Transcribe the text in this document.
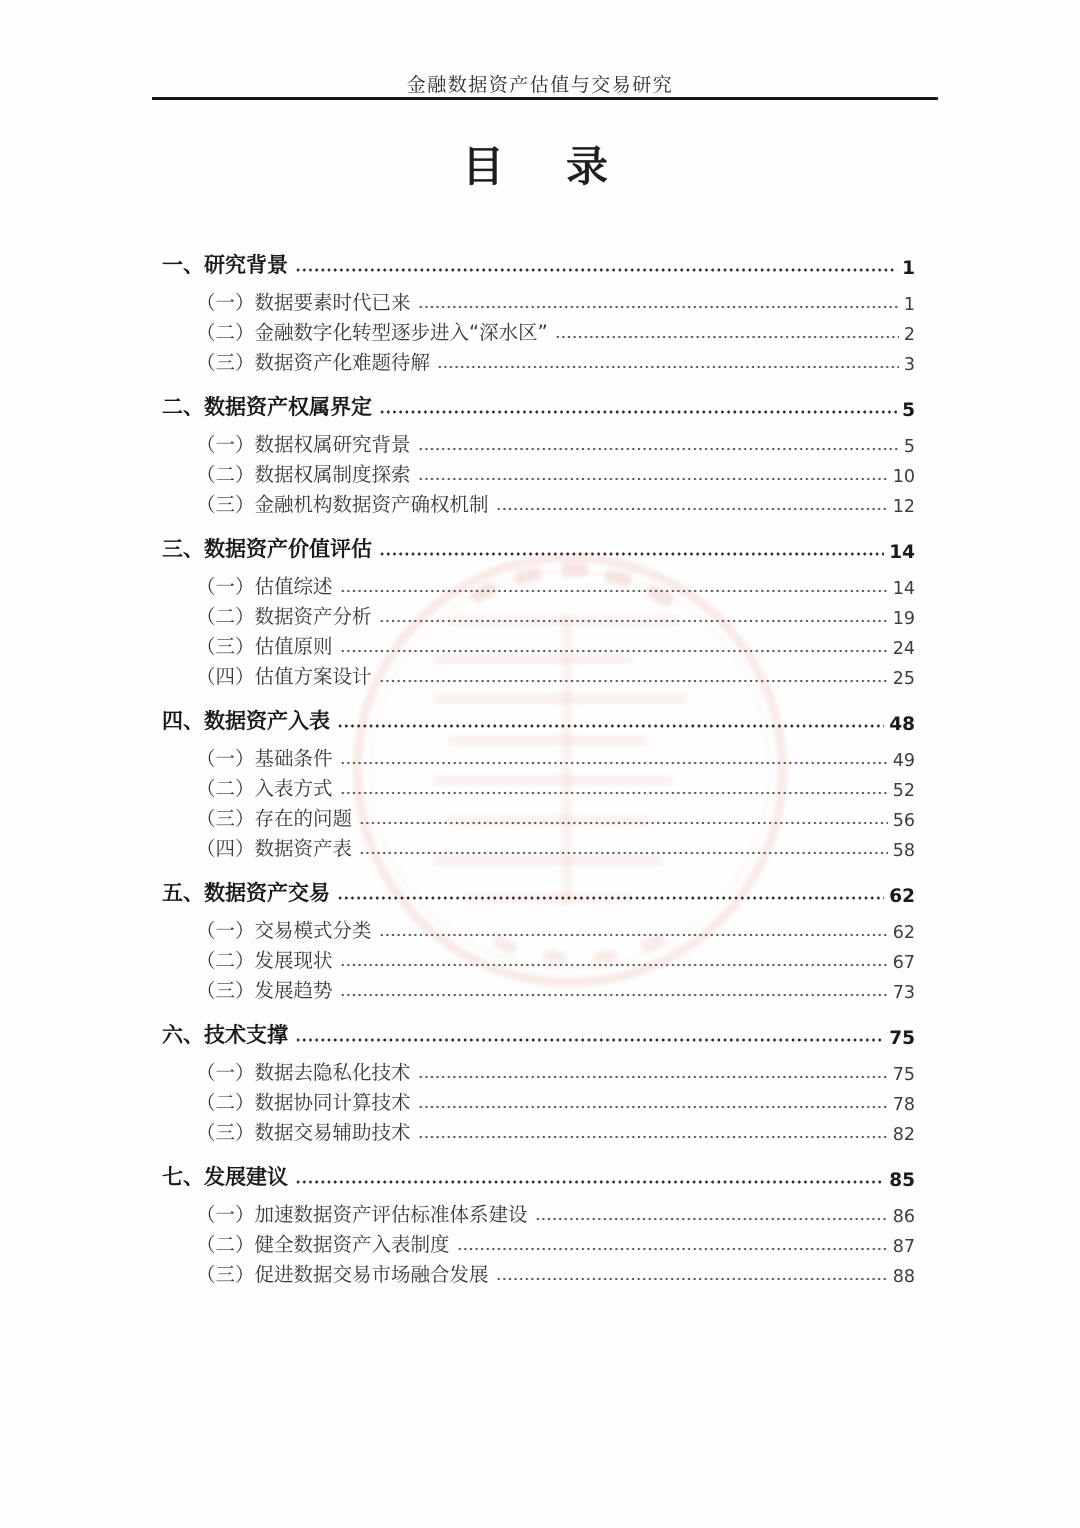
金融数据资产估值与交易研究
目　录
一、研究背景	1
（一）数据要素时代已来	1
（二）金融数字化转型逐步进入“深水区”	2
（三）数据资产化难题待解	3
二、数据资产权属界定	5
（一）数据权属研究背景	5
（二）数据权属制度探索	10
（三）金融机构数据资产确权机制	12
三、数据资产价值评估	14
（一）估值综述	14
（二）数据资产分析	19
（三）估值原则	24
（四）估值方案设计	25
四、数据资产入表	48
（一）基础条件	49
（二）入表方式	52
（三）存在的问题	56
（四）数据资产表	58
五、数据资产交易	62
（一）交易模式分类	62
（二）发展现状	67
（三）发展趋势	73
六、技术支撑	75
（一）数据去隐私化技术	75
（二）数据协同计算技术	78
（三）数据交易辅助技术	82
七、发展建议	85
（一）加速数据资产评估标准体系建设	86
（二）健全数据资产入表制度	87
（三）促进数据交易市场融合发展	88
